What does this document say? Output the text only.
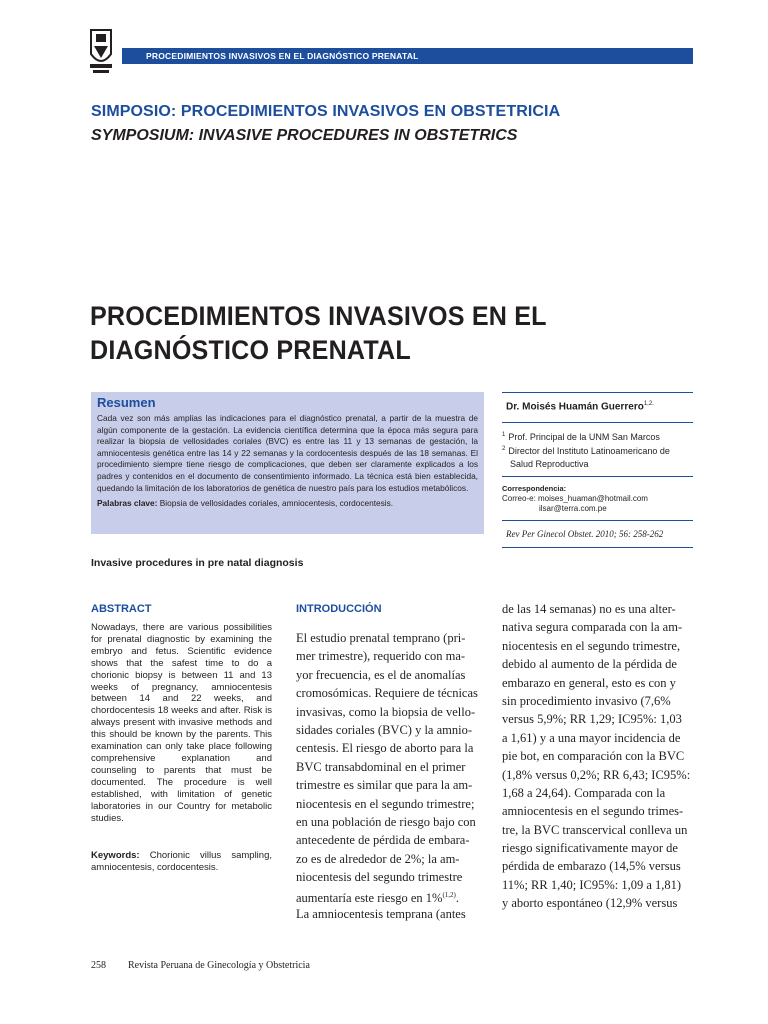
PROCEDIMIENTOS INVASIVOS EN EL DIAGNÓSTICO PRENATAL
SIMPOSIO: PROCEDIMIENTOS INVASIVOS EN OBSTETRICIA
SYMPOSIUM: INVASIVE PROCEDURES IN OBSTETRICS
PROCEDIMIENTOS INVASIVOS EN EL
DIAGNÓSTICO PRENATAL
Resumen

Cada vez son más amplias las indicaciones para el diagnóstico prenatal, a partir de la muestra de algún componente de la gestación. La evidencia científica determina que la época más segura para realizar la biopsia de vellosidades coriales (BVC) es entre las 11 y 13 semanas de gestación, la amniocentesis genética entre las 14 y 22 semanas y la cordocentesis después de las 18 semanas. El procedimiento siempre tiene riesgo de complicaciones, que deben ser claramente explicados a los padres y contenidos en el documento de consentimiento informado. La técnica está bien establecida, quedando la limitación de los laboratorios de genética de nuestro país para los estudios metabólicos.

Palabras clave: Biopsia de vellosidades coriales, amniocentesis, cordocentesis.
Dr. Moisés Huamán Guerrero$^{1,2.}$
$^1$ Prof. Principal de la UNM San Marcos
$^2$ Director del Instituto Latinoamericano de
Salud Reproductiva
Correspondencia:
Correo-e: moises_huaman@hotmail.com
ilsar@terra.com.pe
Rev Per Ginecol Obstet. 2010; 56: 258-262
Invasive procedures in pre natal diagnosis
ABSTRACT

Nowadays, there are various possibilities for prenatal diagnostic by examining the embryo and fetus. Scientific evidence shows that the safest time to do a chorionic biopsy is between 11 and 13 weeks of pregnancy, amniocentesis between 14 and 22 weeks, and chordocentesis 18 weeks and after. Risk is always present with invasive methods and this should be known by the parents. This examination can only take place following comprehensive explanation and counseling to parents that must be documented. The procedure is well established, with limitation of genetic laboratories in our Country for metabolic studies.

Keywords: Chorionic villus sampling, amniocentesis, cordocentesis.
INTRODUCCIÓN
El estudio prenatal temprano (pri-
mer trimestre), requerido con ma-
yor frecuencia, es el de anomalías
cromosómicas. Requiere de técnicas
invasivas, como la biopsia de vello-
sidades coriales (BVC) y la amnio-
centesis. El riesgo de aborto para la
BVC transabdominal en el primer
trimestre es similar que para la am-
niocentesis en el segundo trimestre;
en una población de riesgo bajo con
antecedente de pérdida de embara-
zo es de alrededor de 2%; la am-
niocentesis del segundo trimestre
aumentaría este riesgo en 1%$^{(1,2)}$.
La amniocentesis temprana (antes
de las 14 semanas) no es una alter-
nativa segura comparada con la am-
niocentesis en el segundo trimestre,
debido al aumento de la pérdida de
embarazo en general, esto es con y
sin procedimiento invasivo (7,6%
versus 5,9%; RR 1,29; IC95%: 1,03
a 1,61) y a una mayor incidencia de
pie bot, en comparación con la BVC
(1,8% versus 0,2%; RR 6,43; IC95%:
1,68 a 24,64). Comparada con la
amniocentesis en el segundo trimes-
tre, la BVC transcervical conlleva un
riesgo significativamente mayor de
pérdida de embarazo (14,5% versus
11%; RR 1,40; IC95%: 1,09 a 1,81)
y aborto espontáneo (12,9% versus
258 Revista Peruana de Ginecología y Obstetricia
